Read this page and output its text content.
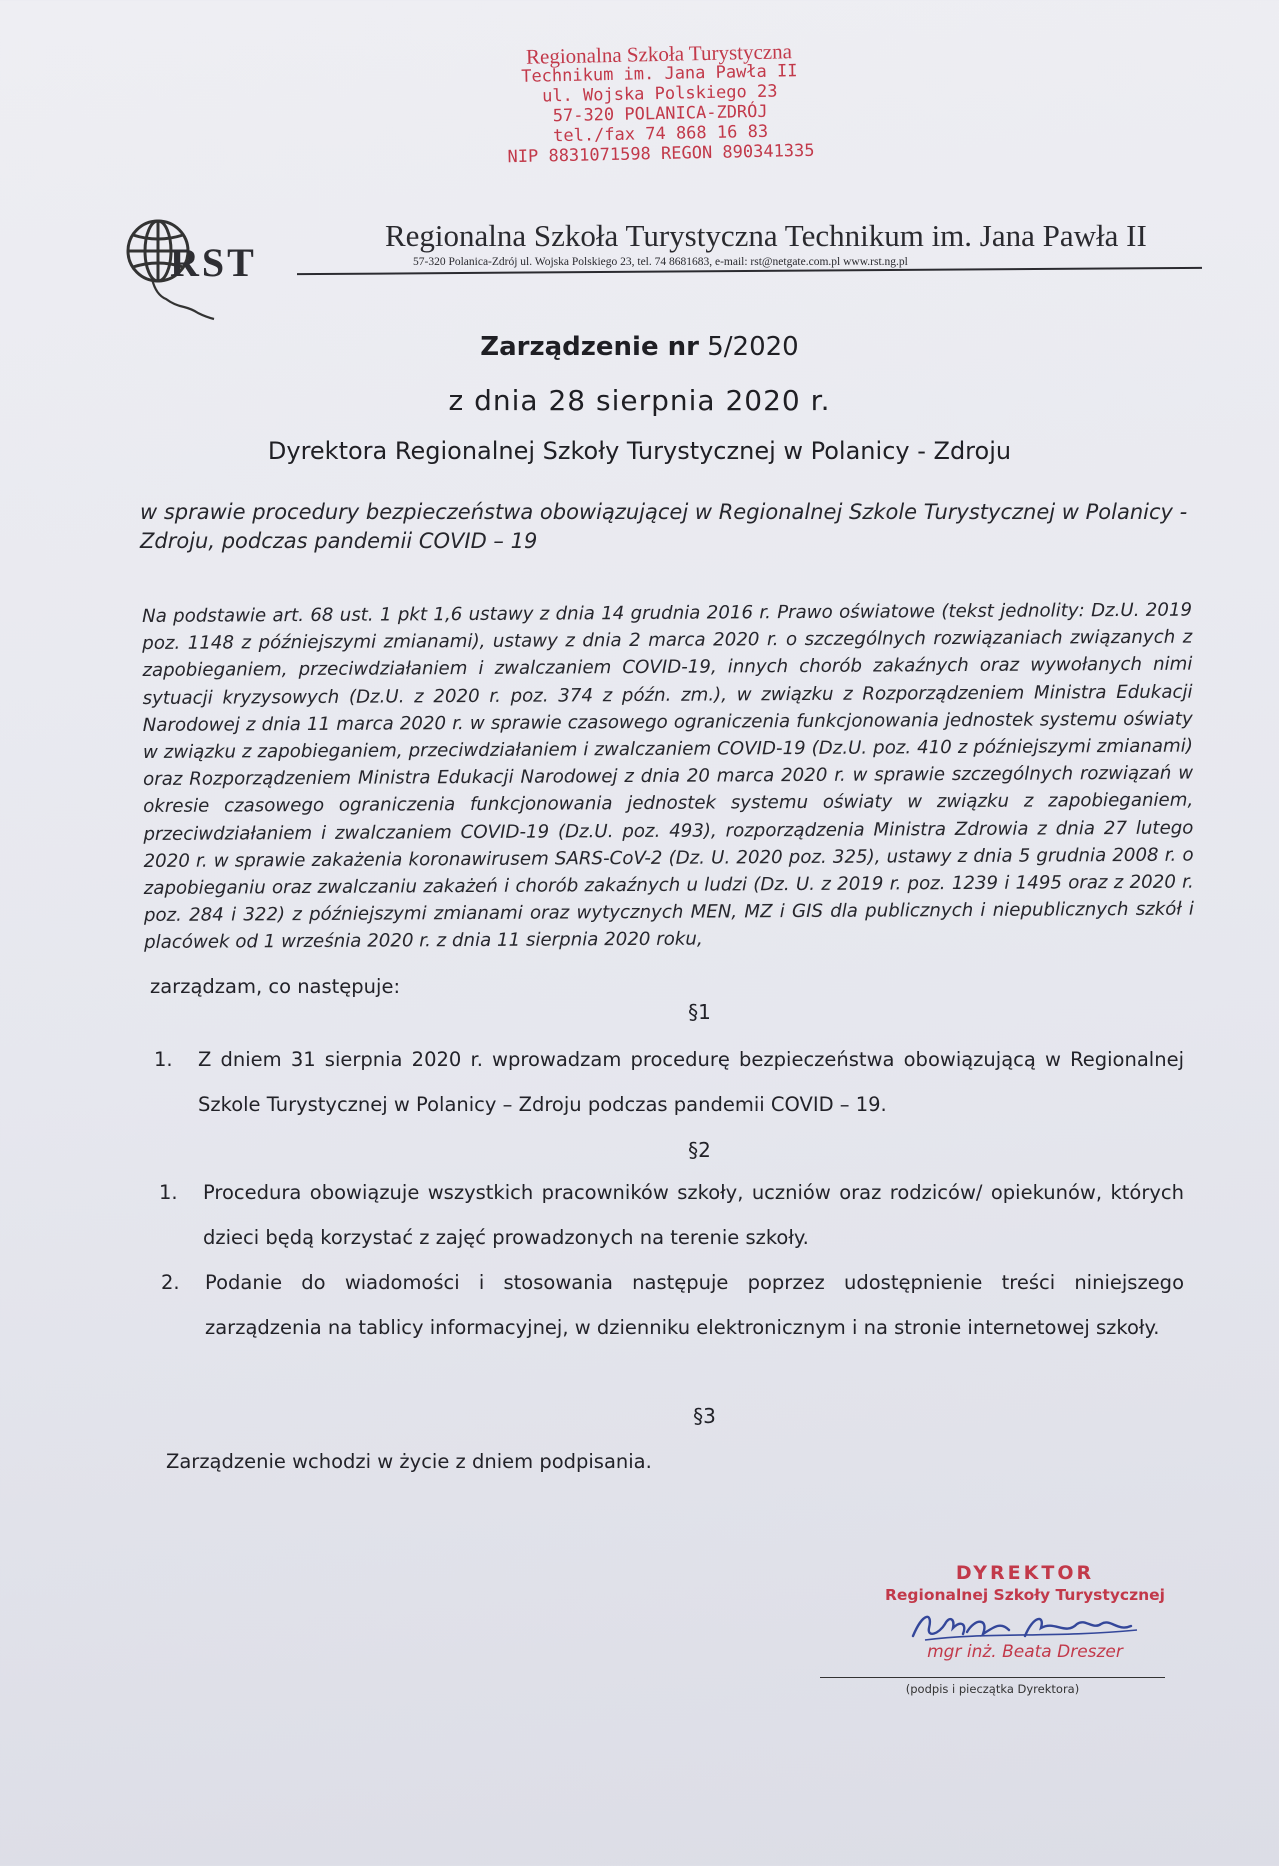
Regionalna Szkoła Turystyczna
Technikum im. Jana Pawła II
ul. Wojska Polskiego 23
57-320 POLANICA-ZDRÓJ
tel./fax 74 868 16 83
NIP 8831071598 REGON 890341335
RST
Regionalna Szkoła Turystyczna Technikum im. Jana Pawła II
57-320 Polanica-Zdrój ul. Wojska Polskiego 23, tel. 74 8681683, e-mail: rst@netgate.com.pl www.rst.ng.pl
Zarządzenie nr 5/2020
z dnia 28 sierpnia 2020 r.
Dyrektora Regionalnej Szkoły Turystycznej w Polanicy - Zdroju
w sprawie procedury bezpieczeństwa obowiązującej w Regionalnej Szkole Turystycznej w Polanicy - Zdroju, podczas pandemii COVID – 19
Na podstawie art. 68 ust. 1 pkt 1,6 ustawy z dnia 14 grudnia 2016 r. Prawo oświatowe (tekst jednolity: Dz.U. 2019 poz. 1148 z późniejszymi zmianami), ustawy z dnia 2 marca 2020 r. o szczególnych rozwiązaniach związanych z zapobieganiem, przeciwdziałaniem i zwalczaniem COVID-19, innych chorób zakaźnych oraz wywołanych nimi sytuacji kryzysowych (Dz.U. z 2020 r. poz. 374 z późn. zm.), w związku z Rozporządzeniem Ministra Edukacji Narodowej z dnia 11 marca 2020 r. w sprawie czasowego ograniczenia funkcjonowania jednostek systemu oświaty w związku z zapobieganiem, przeciwdziałaniem i zwalczaniem COVID-19 (Dz.U. poz. 410 z późniejszymi zmianami) oraz Rozporządzeniem Ministra Edukacji Narodowej z dnia 20 marca 2020 r. w sprawie szczególnych rozwiązań w okresie czasowego ograniczenia funkcjonowania jednostek systemu oświaty w związku z zapobieganiem, przeciwdziałaniem i zwalczaniem COVID-19 (Dz.U. poz. 493), rozporządzenia Ministra Zdrowia z dnia 27 lutego 2020 r. w sprawie zakażenia koronawirusem SARS-CoV-2 (Dz. U. 2020 poz. 325), ustawy z dnia 5 grudnia 2008 r. o zapobieganiu oraz zwalczaniu zakażeń i chorób zakaźnych u ludzi (Dz. U. z 2019 r. poz. 1239 i 1495 oraz z 2020 r. poz. 284 i 322) z późniejszymi zmianami oraz wytycznych MEN, MZ i GIS dla publicznych i niepublicznych szkół i placówek od 1 września 2020 r. z dnia 11 sierpnia 2020 roku,
zarządzam, co następuje:
§1
1.	Z dniem 31 sierpnia 2020 r. wprowadzam procedurę bezpieczeństwa obowiązującą w Regionalnej Szkole Turystycznej w Polanicy – Zdroju podczas pandemii COVID – 19.
§2
1.	Procedura obowiązuje wszystkich pracowników szkoły, uczniów oraz rodziców/ opiekunów, których dzieci będą korzystać z zajęć prowadzonych na terenie szkoły.
2.	Podanie do wiadomości i stosowania następuje poprzez udostępnienie treści niniejszego zarządzenia na tablicy informacyjnej, w dzienniku elektronicznym i na stronie internetowej szkoły.
§3
Zarządzenie wchodzi w życie z dniem podpisania.
DYREKTOR
Regionalnej Szkoły Turystycznej
mgr inż. Beata Dreszer
(podpis i pieczątka Dyrektora)
